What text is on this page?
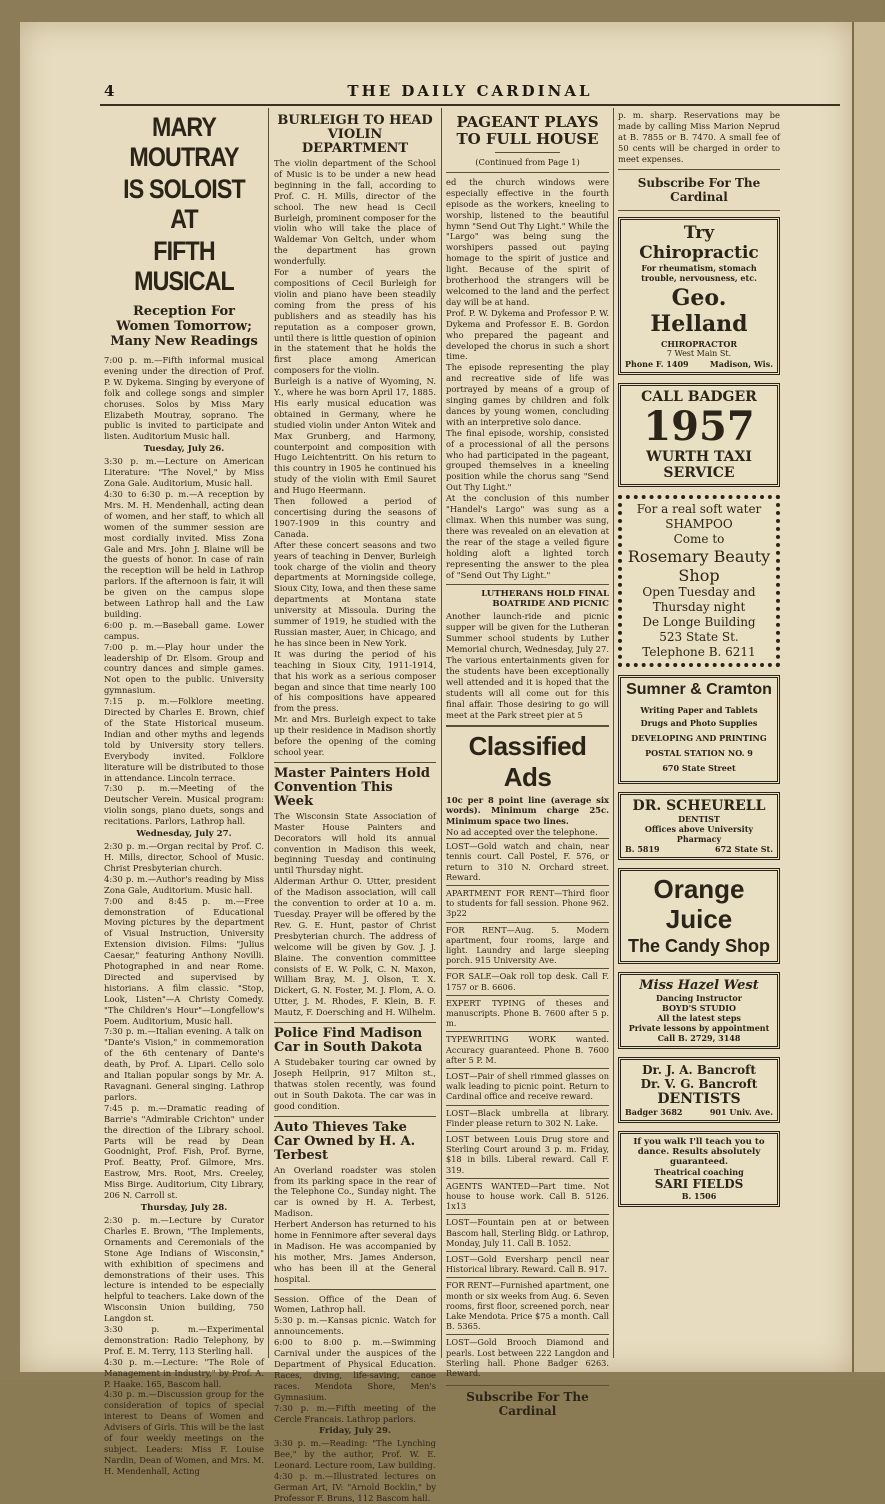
4	THE DAILY CARDINAL
MARY MOUTRAY
IS SOLOIST AT
FIFTH MUSICAL
Reception For Women Tomorrow; Many New Readings

7:00 p. m.—Fifth informal musical evening under the direction of Prof. P. W. Dykema. Singing by everyone of folk and college songs and simpler choruses. Solos by Miss Mary Elizabeth Moutray, soprano. The public is invited to participate and listen. Auditorium Music hall.

Tuesday, July 26.

3:30 p. m.—Lecture on American Literature: "The Novel," by Miss Zona Gale. Auditorium, Music hall.

4:30 to 6:30 p. m.—A reception by Mrs. M. H. Mendenhall, acting dean of women, and her staff, to which all women of the summer session are most cordially invited. Miss Zona Gale and Mrs. John J. Blaine will be the guests of honor. In case of rain the reception will be held in Lathrop parlors. If the afternoon is fair, it will be given on the campus slope between Lathrop hall and the Law building.

6:00 p. m.—Baseball game. Lower campus.

7:00 p. m.—Play hour under the leadership of Dr. Elsom. Group and country dances and simple games. Not open to the public. University gymnasium.

7:15 p. m.—Folklore meeting. Directed by Charles E. Brown, chief of the State Historical museum. Indian and other myths and legends told by University story tellers. Everybody invited. Folklore literature will be distributed to those in attendance. Lincoln terrace.

7:30 p. m.—Meeting of the Deutscher Verein. Musical program: violin songs, piano duets, songs and recitations. Parlors, Lathrop hall.

Wednesday, July 27.

2:30 p. m.—Organ recital by Prof. C. H. Mills, director, School of Music. Christ Presbyterian church.

4:30 p. m.—Author's reading by Miss Zona Gale, Auditorium. Music hall.

7:00 and 8:45 p. m.—Free demonstration of Educational Moving pictures by the department of Visual Instruction, University Extension division. Films: "Julius Caesar," featuring Anthony Novilli. Photographed in and near Rome. Directed and supervised by historians. A film classic. "Stop, Look, Listen"—A Christy Comedy. "The Children's Hour"—Longfellow's Poem. Auditorium, Music hall.

7:30 p. m.—Italian evening. A talk on "Dante's Vision," in commemoration of the 6th centenary of Dante's death, by Prof. A. Lipari. Cello solo and Italian popular songs by Mr. A. Ravagnani. General singing. Lathrop parlors.

7:45 p. m.—Dramatic reading of Barrie's "Admirable Crichton" under the direction of the Library school. Parts will be read by Dean Goodnight, Prof. Fish, Prof. Byrne, Prof. Beatty, Prof. Gilmore, Mrs. Eastrow, Mrs. Root, Mrs. Creeley, Miss Birge. Auditorium, City Library, 206 N. Carroll st.

Thursday, July 28.

2:30 p. m.—Lecture by Curator Charles E. Brown, "The Implements, Ornaments and Ceremonials of the Stone Age Indians of Wisconsin," with exhibition of specimens and demonstrations of their uses. This lecture is intended to be especially helpful to teachers. Lake down of the Wisconsin Union building, 750 Langdon st.

3:30 p. m.—Experimental demonstration: Radio Telephony, by Prof. E. M. Terry, 113 Sterling hall.

4:30 p. m.—Lecture: "The Role of Management in Industry," by Prof. A. P. Haake. 165, Bascom hall.

4:30 p. m.—Discussion group for the consideration of topics of special interest to Deans of Women and Advisers of Girls. This will be the last of four weekly meetings on the subject. Leaders: Miss F. Louise Nardin, Dean of Women, and Mrs. M. H. Mendenhall, Acting

BURLEIGH TO HEAD VIOLIN DEPARTMENT

The violin department of the School of Music is to be under a new head beginning in the fall, according to Prof. C. H. Mills, director of the school. The new head is Cecil Burleigh, prominent composer for the violin who will take the place of Waldemar Von Geltch, under whom the department has grown wonderfully.

For a number of years the compositions of Cecil Burleigh for violin and piano have been steadily coming from the press of his publishers and as steadily has his reputation as a composer grown, until there is little question of opinion in the statement that he holds the first place among American composers for the violin.

Burleigh is a native of Wyoming, N. Y., where he was born April 17, 1885. His early musical education was obtained in Germany, where he studied violin under Anton Witek and Max Grunberg, and Harmony, counterpoint and composition with Hugo Leichtentritt. On his return to this country in 1905 he continued his study of the violin with Emil Sauret and Hugo Heermann.

Then followed a period of concertising during the seasons of 1907-1909 in this country and Canada.

After these concert seasons and two years of teaching in Denver, Burleigh took charge of the violin and theory departments at Morningside college, Sioux City, Iowa, and then these same departments at Montana state university at Missoula. During the summer of 1919, he studied with the Russian master, Auer, in Chicago, and he has since been in New York.

It was during the period of his teaching in Sioux City, 1911-1914, that his work as a serious composer began and since that time nearly 100 of his compositions have appeared from the press.

Mr. and Mrs. Burleigh expect to take up their residence in Madison shortly before the opening of the coming school year.

Master Painters Hold Convention This Week

The Wisconsin State Association of Master House Painters and Decorators will hold its annual convention in Madison this week, beginning Tuesday and continuing until Thursday night.

Alderman Arthur O. Utter, president of the Madison association, will call the convention to order at 10 a. m. Tuesday. Prayer will be offered by the Rev. G. E. Hunt, pastor of Christ Presbyterian church. The address of welcome will be given by Gov. J. J. Blaine. The convention committee consists of E. W. Polk, C. N. Maxon, William Bray, M. J. Olson, T. X. Dickert, G. N. Foster, M. J. Flom, A. O. Utter, J. M. Rhodes, F. Klein, B. F. Mautz, F. Doersching and H. Wilhelm.

Police Find Madison Car in South Dakota

A Studebaker touring car owned by Joseph Heilprin, 917 Milton st., thatwas stolen recently, was found out in South Dakota. The car was in good condition.

Auto Thieves Take Car Owned by H. A. Terbest

An Overland roadster was stolen from its parking space in the rear of the Telephone Co., Sunday night. The car is owned by H. A. Terbest, Madison.

Herbert Anderson has returned to his home in Fennimore after several days in Madison. He was accompanied by his mother, Mrs. James Anderson, who has been ill at the General hospital.

Session. Office of the Dean of Women, Lathrop hall.

5:30 p. m.—Kansas picnic. Watch for announcements.

6:00 to 8:00 p. m.—Swimming Carnival under the auspices of the Department of Physical Education. Races, diving, life-saving, canoe races. Mendota Shore, Men's Gymnasium.

7:30 p. m.—Fifth meeting of the Cercle Francais. Lathrop parlors.

Friday, July 29.

3:30 p. m.—Reading: "The Lynching Bee," by the author, Prof. W. E. Leonard. Lecture room, Law building.

4:30 p. m.—Illustrated lectures on German Art, IV: "Arnold Bocklin," by Professor F. Bruns, 112 Bascom hall.

PAGEANT PLAYS TO FULL HOUSE
(Continued from Page 1)

ed the church windows were especially effective in the fourth episode as the workers, kneeling to worship, listened to the beautiful hymn "Send Out Thy Light." While the "Largo" was being sung the worshipers passed out paying homage to the spirit of justice and light. Because of the spirit of brotherhood the strangers will be welcomed to the land and the perfect day will be at hand.

Prof. P. W. Dykema and Professor P. W. Dykema and Professor E. B. Gordon who prepared the pageant and developed the chorus in such a short time.

The episode representing the play and recreative side of life was portrayed by means of a group of singing games by children and folk dances by young women, concluding with an interpretive solo dance.

The final episode, worship, consisted of a processional of all the persons who had participated in the pageant, grouped themselves in a kneeling position while the chorus sang "Send Out Thy Light."

At the conclusion of this number "Handel's Largo" was sung as a climax. When this number was sung, there was revealed on an elevation at the rear of the stage a veiled figure holding aloft a lighted torch representing the answer to the plea of "Send Out Thy Light."

LUTHERANS HOLD FINAL BOATRIDE AND PICNIC

Another launch-ride and picnic supper will be given for the Lutheran Summer school students by Luther Memorial church, Wednesday, July 27. The various entertainments given for the students have been exceptionally well attended and it is hoped that the students will all come out for this final affair. Those desiring to go will meet at the Park street pier at 5

Classified Ads

10c per 8 point line (average six words). Minimum charge 25c. Minimum space two lines.

No ad accepted over the telephone.

LOST—Gold watch and chain, near tennis court. Call Postel, F. 576, or return to 310 N. Orchard street. Reward.
APARTMENT FOR RENT—Third floor to students for fall session. Phone 962. 3p22
FOR RENT—Aug. 5. Modern apartment, four rooms, large and light. Laundry and large sleeping porch. 915 University Ave.
FOR SALE—Oak roll top desk. Call F. 1757 or B. 6606.
EXPERT TYPING of theses and manuscripts. Phone B. 7600 after 5 p. m.
TYPEWRITING WORK wanted. Accuracy guaranteed. Phone B. 7600 after 5 P. M.
LOST—Pair of shell rimmed glasses on walk leading to picnic point. Return to Cardinal office and receive reward.
LOST—Black umbrella at library. Finder please return to 302 N. Lake.
LOST between Louis Drug store and Sterling Court around 3 p. m. Friday, $18 in bills. Liberal reward. Call F. 319.
AGENTS WANTED—Part time. Not house to house work. Call B. 5126. 1x13
LOST—Fountain pen at or between Bascom hall, Sterling Bldg. or Lathrop, Monday, July 11. Call B. 1052.
LOST—Gold Eversharp pencil near Historical library. Reward. Call B. 917.
FOR RENT—Furnished apartment, one month or six weeks from Aug. 6. Seven rooms, first floor, screened porch, near Lake Mendota. Price $75 a month. Call B. 5365.
LOST—Gold Brooch Diamond and pearls. Lost between 222 Langdon and Sterling hall. Phone Badger 6263. Reward.
Subscribe For The Cardinal

p. m. sharp. Reservations may be made by calling Miss Marion Neprud at B. 7855 or B. 7470. A small fee of 50 cents will be charged in order to meet expenses.

Subscribe For The Cardinal
Try Chiropractic
For rheumatism, stomach trouble, nervousness, etc.
Geo. Helland
CHIROPRACTOR
7 West Main St.
Phone F. 1409	Madison, Wis.
CALL BADGER
1957
WURTH TAXI
SERVICE
For a real soft water
SHAMPOO
Come to
Rosemary Beauty
Shop
Open Tuesday and
Thursday night
De Longe Building
523 State St.
Telephone B. 6211
Sumner & Cramton
Writing Paper and Tablets
Drugs and Photo Supplies
DEVELOPING AND PRINTING
POSTAL STATION NO. 9
670 State Street
DR. SCHEURELL
DENTIST
Offices above University Pharmacy
B. 5819	672 State St.
Orange Juice
The Candy Shop
Miss Hazel West
Dancing Instructor
BOYD'S STUDIO
All the latest steps
Private lessons by appointment
Call B. 2729, 3148
Dr. J. A. Bancroft
Dr. V. G. Bancroft
DENTISTS
Badger 3682	901 Univ. Ave.
If you walk I'll teach you to dance. Results absolutely guaranteed.
Theatrical coaching
SARI FIELDS
B. 1506
